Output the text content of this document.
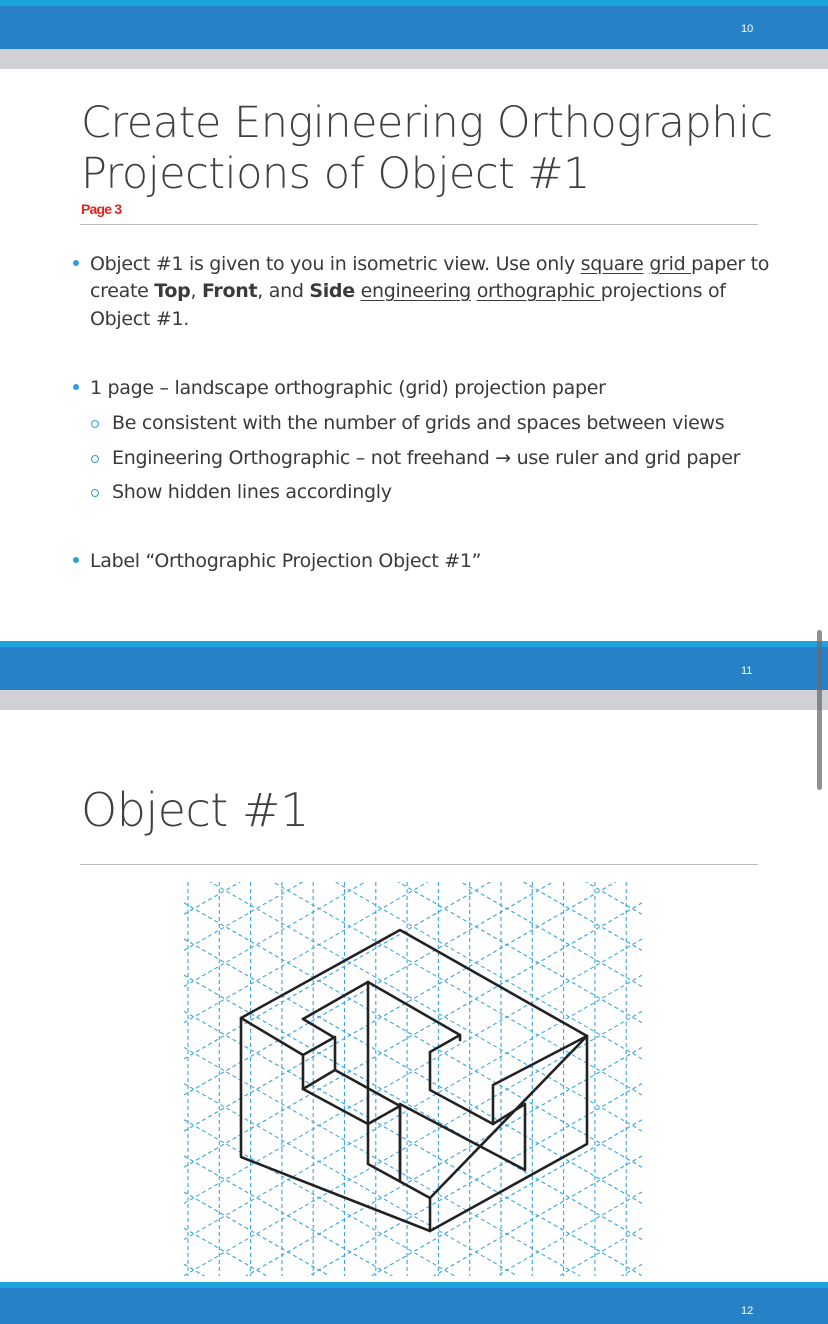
10
Create Engineering Orthographic
Projections of Object #1
Page 3
Object #1 is given to you in isometric view. Use only square grid paper to
create Top, Front, and Side engineering orthographic projections of
Object #1.
1 page – landscape orthographic (grid) projection paper
Be consistent with the number of grids and spaces between views
Engineering Orthographic – not freehand → use ruler and grid paper
Show hidden lines accordingly
Label “Orthographic Projection Object #1”
11
Object #1
12
